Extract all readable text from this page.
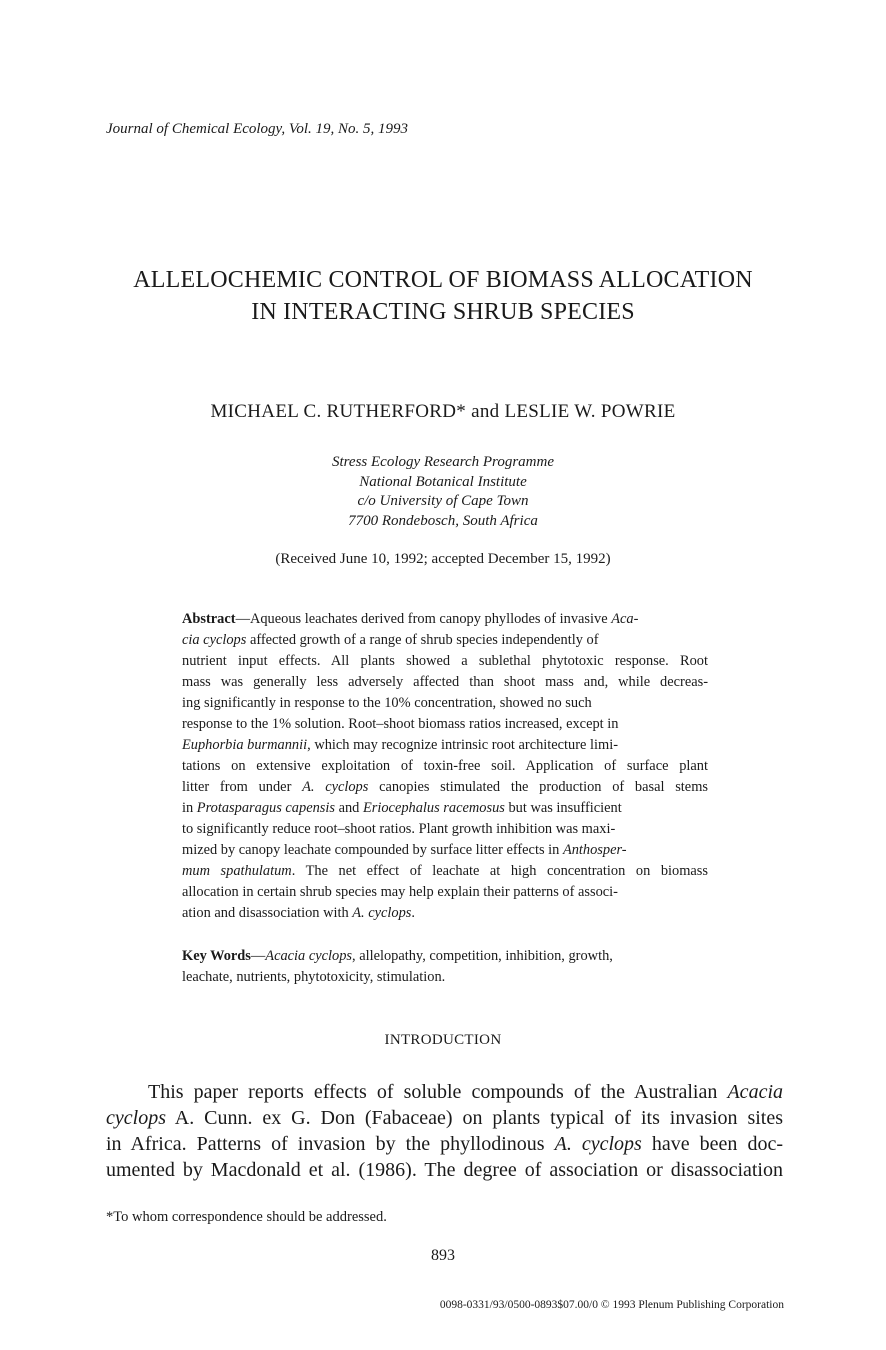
Journal of Chemical Ecology, Vol. 19, No. 5, 1993
ALLELOCHEMIC CONTROL OF BIOMASS ALLOCATION
IN INTERACTING SHRUB SPECIES
MICHAEL C. RUTHERFORD* and LESLIE W. POWRIE
Stress Ecology Research Programme
National Botanical Institute
c/o University of Cape Town
7700 Rondebosch, South Africa
(Received June 10, 1992; accepted December 15, 1992)
Abstract—Aqueous leachates derived from canopy phyllodes of invasive Aca-
cia cyclops affected growth of a range of shrub species independently of
nutrient input effects. All plants showed a sublethal phytotoxic response. Root
mass was generally less adversely affected than shoot mass and, while decreas-
ing significantly in response to the 10% concentration, showed no such
response to the 1% solution. Root–shoot biomass ratios increased, except in
Euphorbia burmannii, which may recognize intrinsic root architecture limi-
tations on extensive exploitation of toxin-free soil. Application of surface plant
litter from under A. cyclops canopies stimulated the production of basal stems
in Protasparagus capensis and Eriocephalus racemosus but was insufficient
to significantly reduce root–shoot ratios. Plant growth inhibition was maxi-
mized by canopy leachate compounded by surface litter effects in Anthosper-
mum spathulatum. The net effect of leachate at high concentration on biomass
allocation in certain shrub species may help explain their patterns of associ-
ation and disassociation with A. cyclops.
Key Words—Acacia cyclops, allelopathy, competition, inhibition, growth,
leachate, nutrients, phytotoxicity, stimulation.
INTRODUCTION
This paper reports effects of soluble compounds of the Australian Acacia
cyclops A. Cunn. ex G. Don (Fabaceae) on plants typical of its invasion sites
in Africa. Patterns of invasion by the phyllodinous A. cyclops have been doc-
umented by Macdonald et al. (1986). The degree of association or disassociation
*To whom correspondence should be addressed.
893
0098-0331/93/0500-0893$07.00/0 © 1993 Plenum Publishing Corporation
